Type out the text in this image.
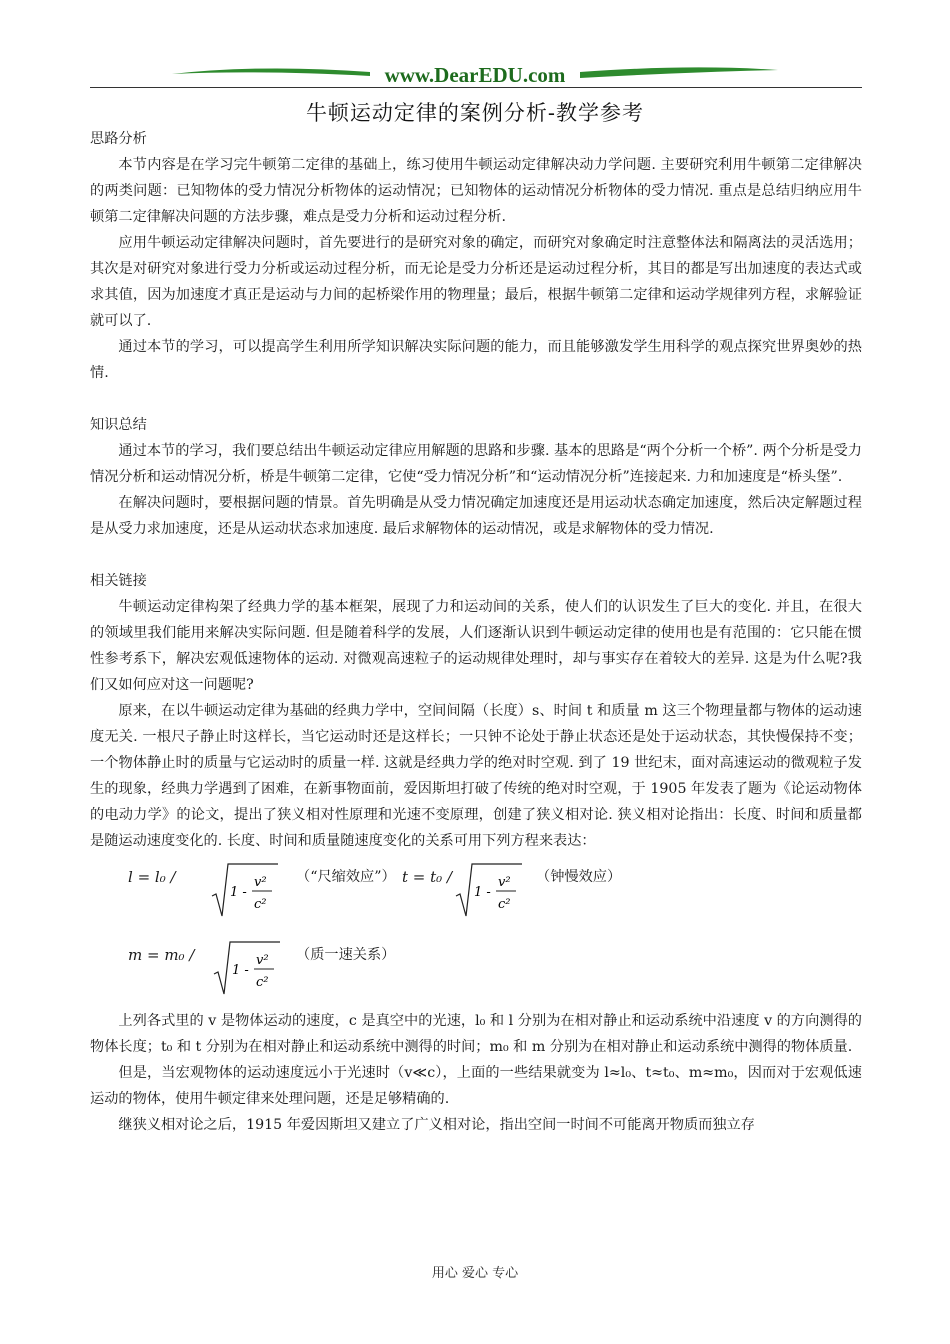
www.DearEDU.com
牛顿运动定律的案例分析-教学参考
思路分析

本节内容是在学习完牛顿第二定律的基础上，练习使用牛顿运动定律解决动力学问题. 主要研究利用牛顿第二定律解决的两类问题：已知物体的受力情况分析物体的运动情况；已知物体的运动情况分析物体的受力情况. 重点是总结归纳应用牛顿第二定律解决问题的方法步骤，难点是受力分析和运动过程分析.

应用牛顿运动定律解决问题时，首先要进行的是研究对象的确定，而研究对象确定时注意整体法和隔离法的灵活选用；其次是对研究对象进行受力分析或运动过程分析，而无论是受力分析还是运动过程分析，其目的都是写出加速度的表达式或求其值，因为加速度才真正是运动与力间的起桥梁作用的物理量；最后，根据牛顿第二定律和运动学规律列方程，求解验证就可以了.

通过本节的学习，可以提高学生利用所学知识解决实际问题的能力，而且能够激发学生用科学的观点探究世界奥妙的热情.

知识总结

通过本节的学习，我们要总结出牛顿运动定律应用解题的思路和步骤. 基本的思路是“两个分析一个桥”. 两个分析是受力情况分析和运动情况分析，桥是牛顿第二定律，它使“受力情况分析”和“运动情况分析”连接起来. 力和加速度是“桥头堡”.

在解决问题时，要根据问题的情景。首先明确是从受力情况确定加速度还是用运动状态确定加速度，然后决定解题过程是从受力求加速度，还是从运动状态求加速度. 最后求解物体的运动情况，或是求解物体的受力情况.

相关链接

牛顿运动定律构架了经典力学的基本框架，展现了力和运动间的关系，使人们的认识发生了巨大的变化. 并且，在很大的领域里我们能用来解决实际问题. 但是随着科学的发展，人们逐渐认识到牛顿运动定律的使用也是有范围的：它只能在惯性参考系下，解决宏观低速物体的运动. 对微观高速粒子的运动规律处理时，却与事实存在着较大的差异. 这是为什么呢?我们又如何应对这一问题呢?

原来，在以牛顿运动定律为基础的经典力学中，空间间隔（长度）s、时间 t 和质量 m 这三个物理量都与物体的运动速度无关. 一根尺子静止时这样长，当它运动时还是这样长；一只钟不论处于静止状态还是处于运动状态，其快慢保持不变；一个物体静止时的质量与它运动时的质量一样. 这就是经典力学的绝对时空观. 到了 19 世纪末，面对高速运动的微观粒子发生的现象，经典力学遇到了困难，在新事物面前，爱因斯坦打破了传统的绝对时空观，于 1905 年发表了题为《论运动物体的电动力学》的论文，提出了狭义相对性原理和光速不变原理，创建了狭义相对论. 狭义相对论指出：长度、时间和质量都是随运动速度变化的. 长度、时间和质量随速度变化的关系可用下列方程来表达：

l = l₀ /
1 -
v²
c²
（“尺缩效应”） t = t₀ /
1 -
v²
c²
（钟慢效应）
m = m₀ /
1 -
v²
c²
（质一速关系）

上列各式里的 v 是物体运动的速度，c 是真空中的光速，l₀ 和 l 分别为在相对静止和运动系统中沿速度 v 的方向测得的物体长度；t₀ 和 t 分别为在相对静止和运动系统中测得的时间；m₀ 和 m 分别为在相对静止和运动系统中测得的物体质量.

但是，当宏观物体的运动速度远小于光速时（v≪c），上面的一些结果就变为 l≈l₀、t≈t₀、m≈m₀，因而对于宏观低速运动的物体，使用牛顿定律来处理问题，还是足够精确的.

继狭义相对论之后，1915 年爱因斯坦又建立了广义相对论，指出空间一时间不可能离开物质而独立存

用心 爱心 专心
